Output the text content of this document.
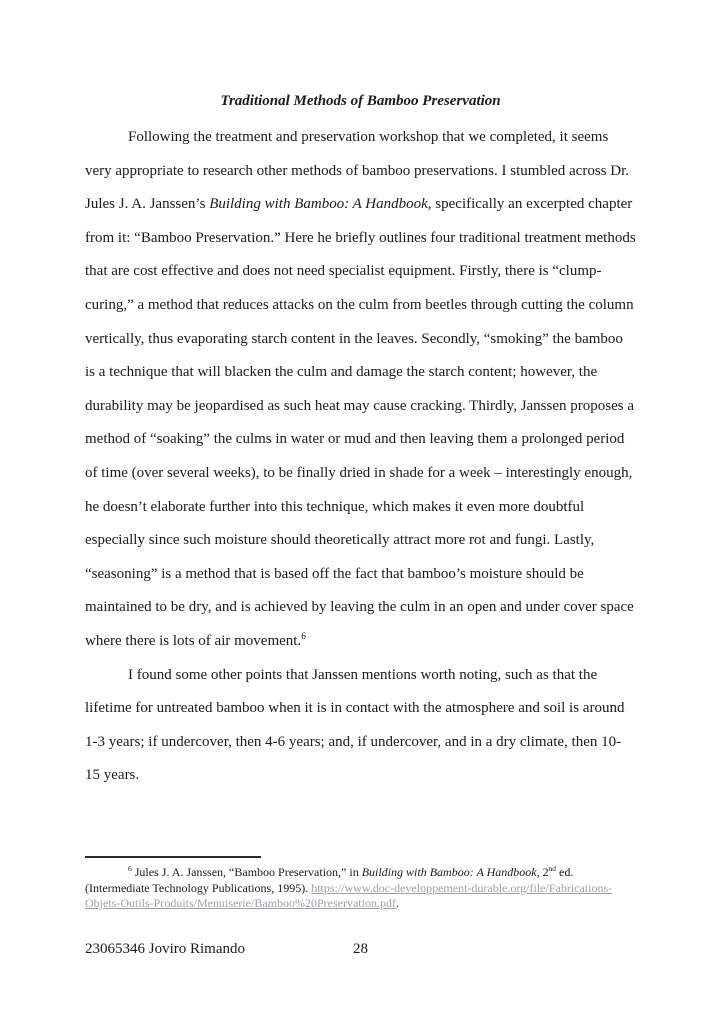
Traditional Methods of Bamboo Preservation

Following the treatment and preservation workshop that we completed, it seems very appropriate to research other methods of bamboo preservations. I stumbled across Dr. Jules J. A. Janssen’s Building with Bamboo: A Handbook, specifically an excerpted chapter from it: “Bamboo Preservation.” Here he briefly outlines four traditional treatment methods that are cost effective and does not need specialist equipment. Firstly, there is “clump-curing,” a method that reduces attacks on the culm from beetles through cutting the column vertically, thus evaporating starch content in the leaves. Secondly, “smoking” the bamboo is a technique that will blacken the culm and damage the starch content; however, the durability may be jeopardised as such heat may cause cracking. Thirdly, Janssen proposes a method of “soaking” the culms in water or mud and then leaving them a prolonged period of time (over several weeks), to be finally dried in shade for a week – interestingly enough, he doesn’t elaborate further into this technique, which makes it even more doubtful especially since such moisture should theoretically attract more rot and fungi. Lastly, “seasoning” is a method that is based off the fact that bamboo’s moisture should be maintained to be dry, and is achieved by leaving the culm in an open and under cover space where there is lots of air movement.$^6$

I found some other points that Janssen mentions worth noting, such as that the lifetime for untreated bamboo when it is in contact with the atmosphere and soil is around 1-3 years; if undercover, then 4-6 years; and, if undercover, and in a dry climate, then 10-15 years.

$^6$ Jules J. A. Janssen, “Bamboo Preservation,” in Building with Bamboo: A Handbook, 2nd ed. (Intermediate Technology Publications, 1995). https://www.doc-developpement-durable.org/file/Fabrications-Objets-Outils-Produits/Menuiserie/Bamboo%20Preservation.pdf.

23065346 Joviro Rimando	28
